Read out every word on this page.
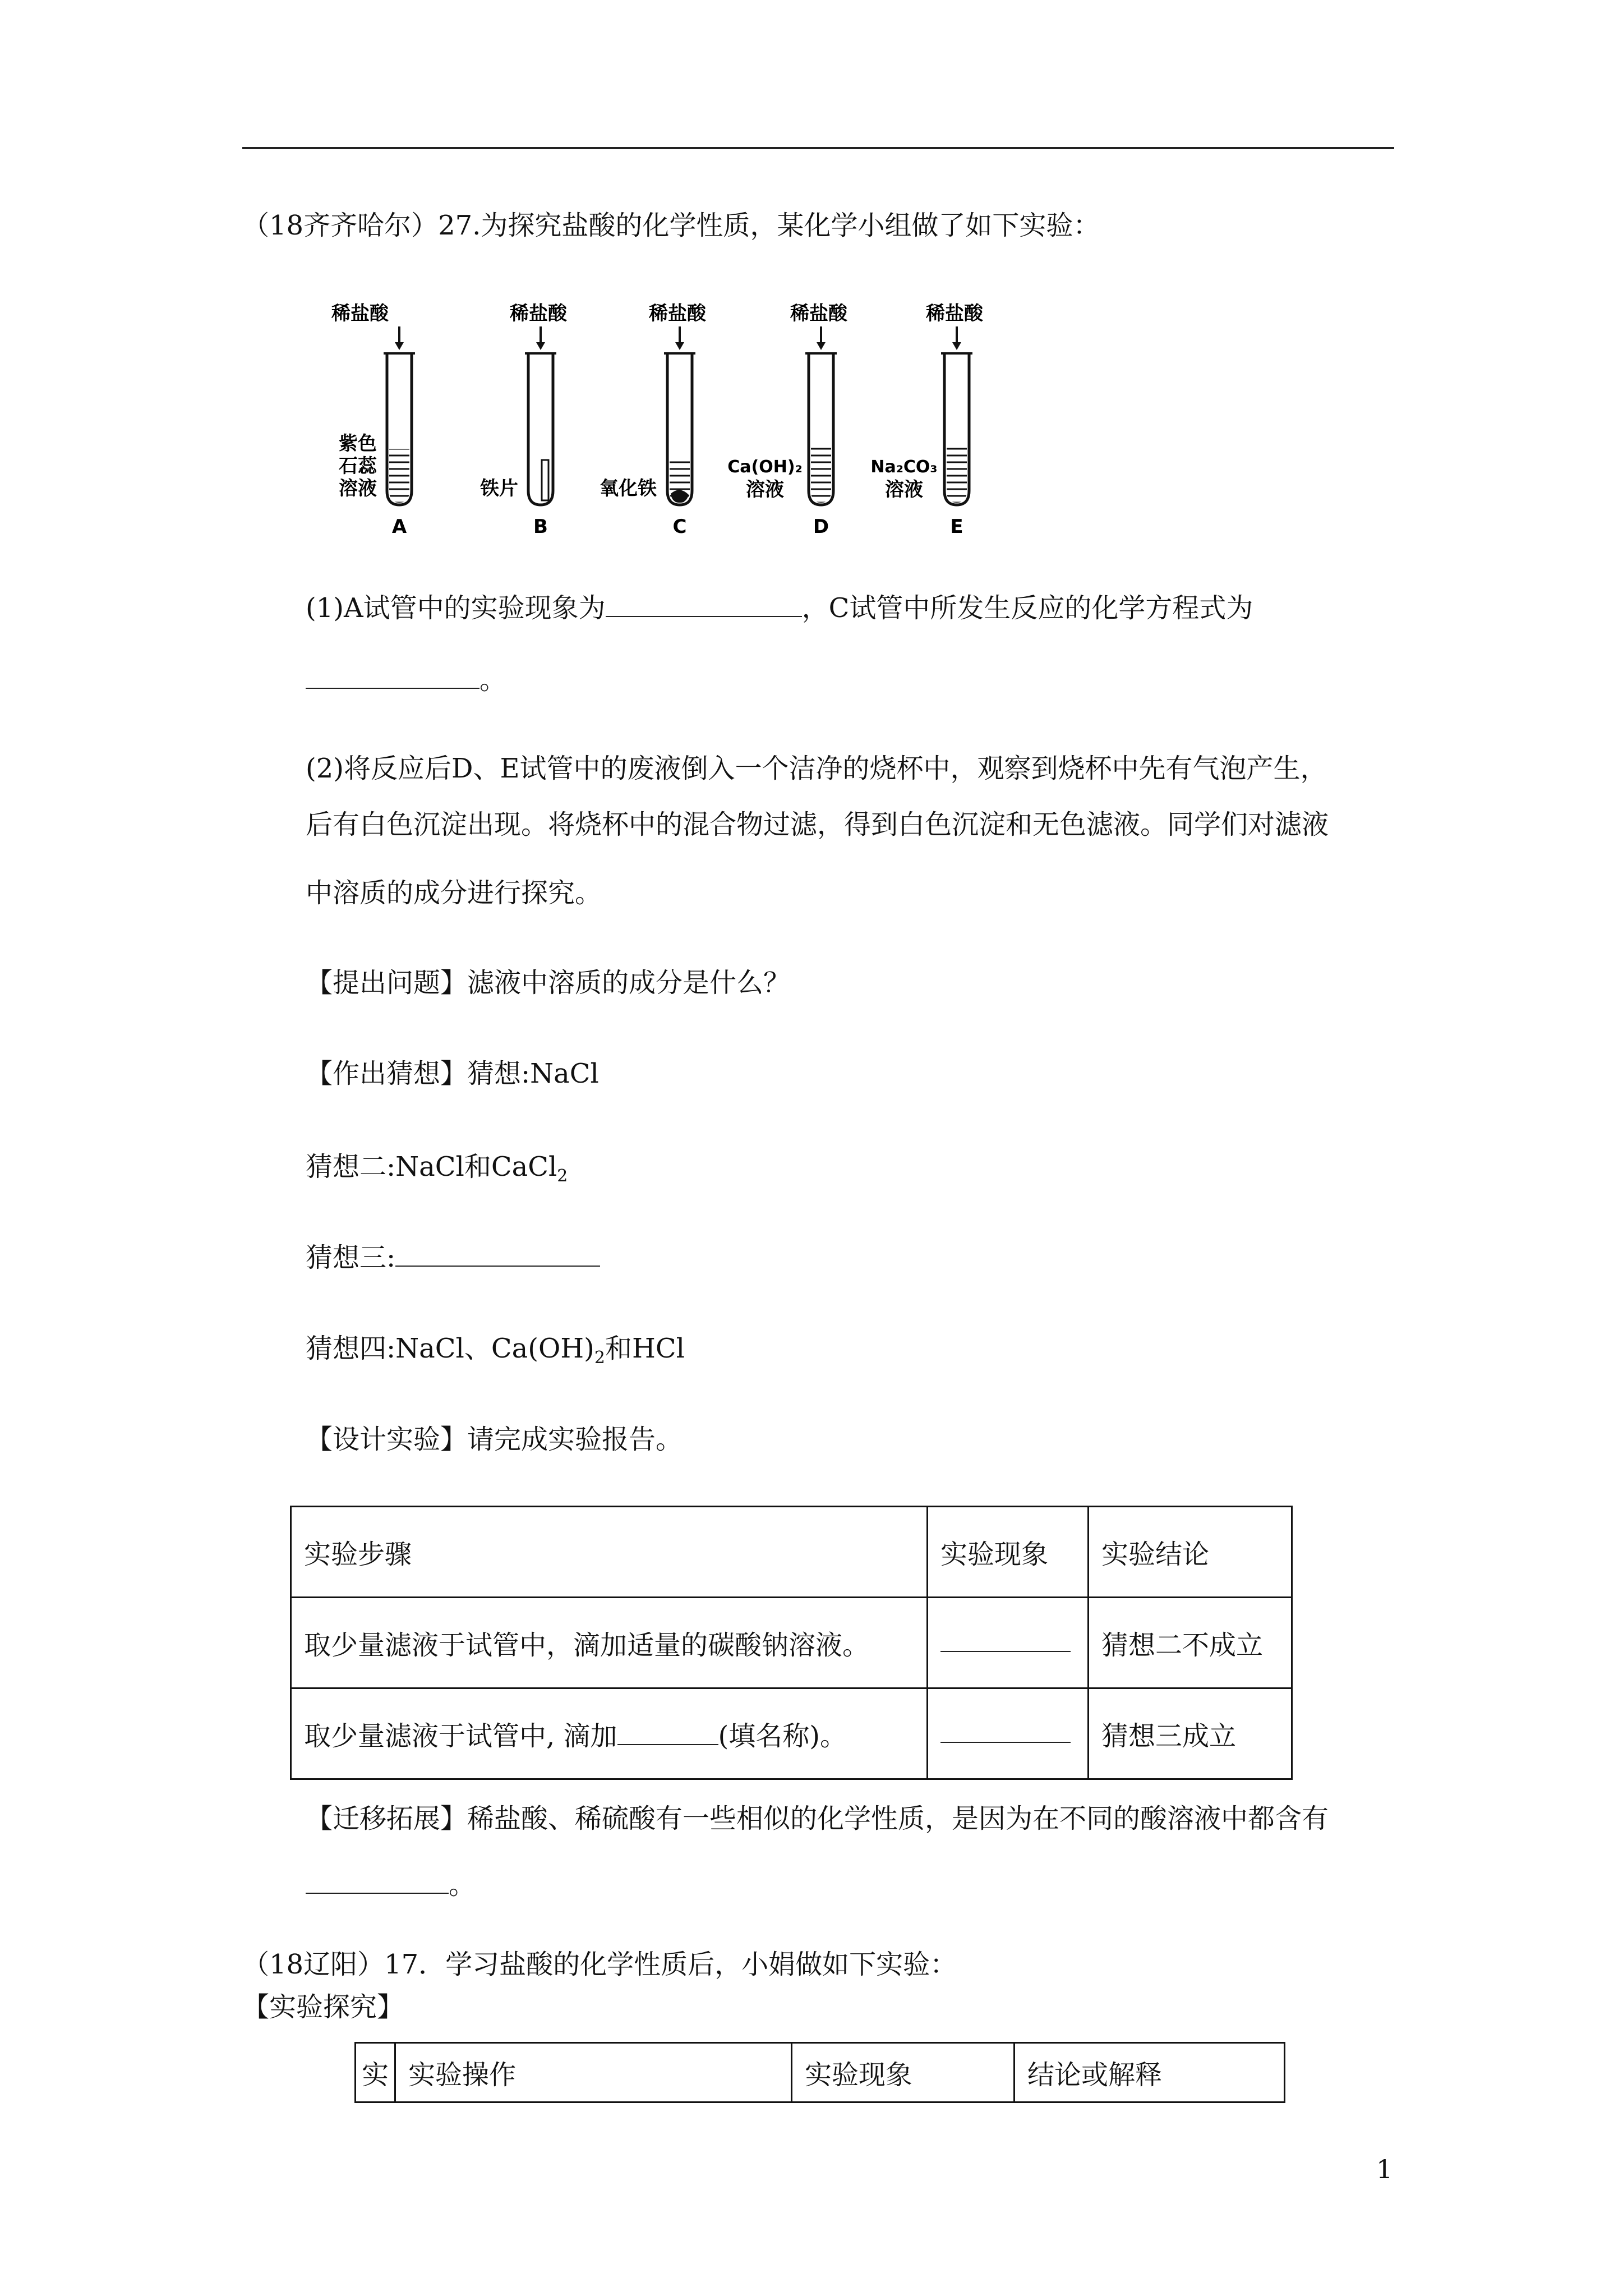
（18齐齐哈尔）27.为探究盐酸的化学性质，某化学小组做了如下实验：
稀盐酸
紫色
石蕊
溶液
A
稀盐酸
铁片
B
稀盐酸
氧化铁
C
稀盐酸
Ca(OH)₂
溶液
D
稀盐酸
Na₂CO₃
溶液
E
(1)A试管中的实验现象为	，C试管中所发生反应的化学方程式为
。
(2)将反应后D、E试管中的废液倒入一个洁净的烧杯中，观察到烧杯中先有气泡产生，
后有白色沉淀出现。将烧杯中的混合物过滤，得到白色沉淀和无色滤液。同学们对滤液
中溶质的成分进行探究。
【提出问题】滤液中溶质的成分是什么？
【作出猜想】猜想:NaCl
猜想二:NaCl和CaCl$_2$
猜想三:
猜想四:NaCl、$Ca(OH)_2$和HCl
【设计实验】请完成实验报告。
实验步骤	实验现象	实验结论
取少量滤液于试管中，滴加适量的碳酸钠溶液。		猜想二不成立
取少量滤液于试管中, 滴加 (填名称)。		猜想三成立
【迁移拓展】稀盐酸、稀硫酸有一些相似的化学性质，是因为在不同的酸溶液中都含有
。
（18辽阳）17．学习盐酸的化学性质后，小娟做如下实验：
【实验探究】
实	实验操作	实验现象	结论或解释
1
